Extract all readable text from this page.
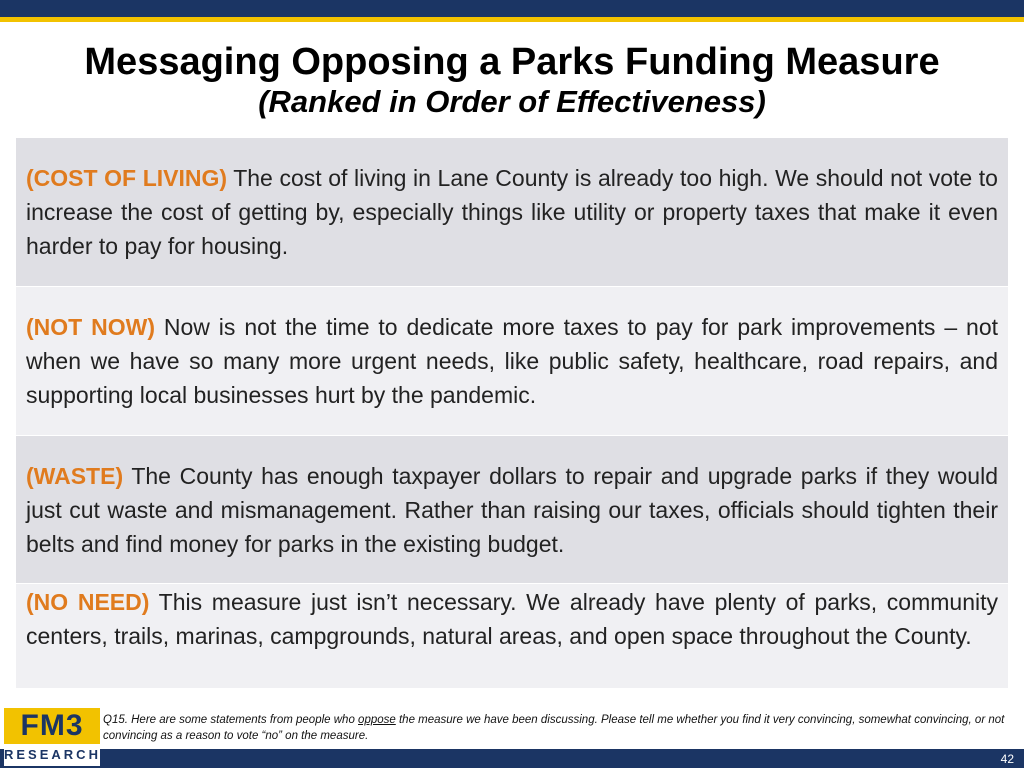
Messaging Opposing a Parks Funding Measure
(Ranked in Order of Effectiveness)

(COST OF LIVING) The cost of living in Lane County is already too high. We should not vote to increase the cost of getting by, especially things like utility or property taxes that make it even harder to pay for housing.

(NOT NOW) Now is not the time to dedicate more taxes to pay for park improvements – not when we have so many more urgent needs, like public safety, healthcare, road repairs, and supporting local businesses hurt by the pandemic.

(WASTE) The County has enough taxpayer dollars to repair and upgrade parks if they would just cut waste and mismanagement. Rather than raising our taxes, officials should tighten their belts and find money for parks in the existing budget.

(NO NEED) This measure just isn’t necessary. We already have plenty of parks, community centers, trails, marinas, campgrounds, natural areas, and open space throughout the County.

FM3
RESEARCH
Q15. Here are some statements from people who oppose the measure we have been discussing. Please tell me whether you find it very convincing, somewhat convincing, or not convincing as a reason to vote “no” on the measure.
42
